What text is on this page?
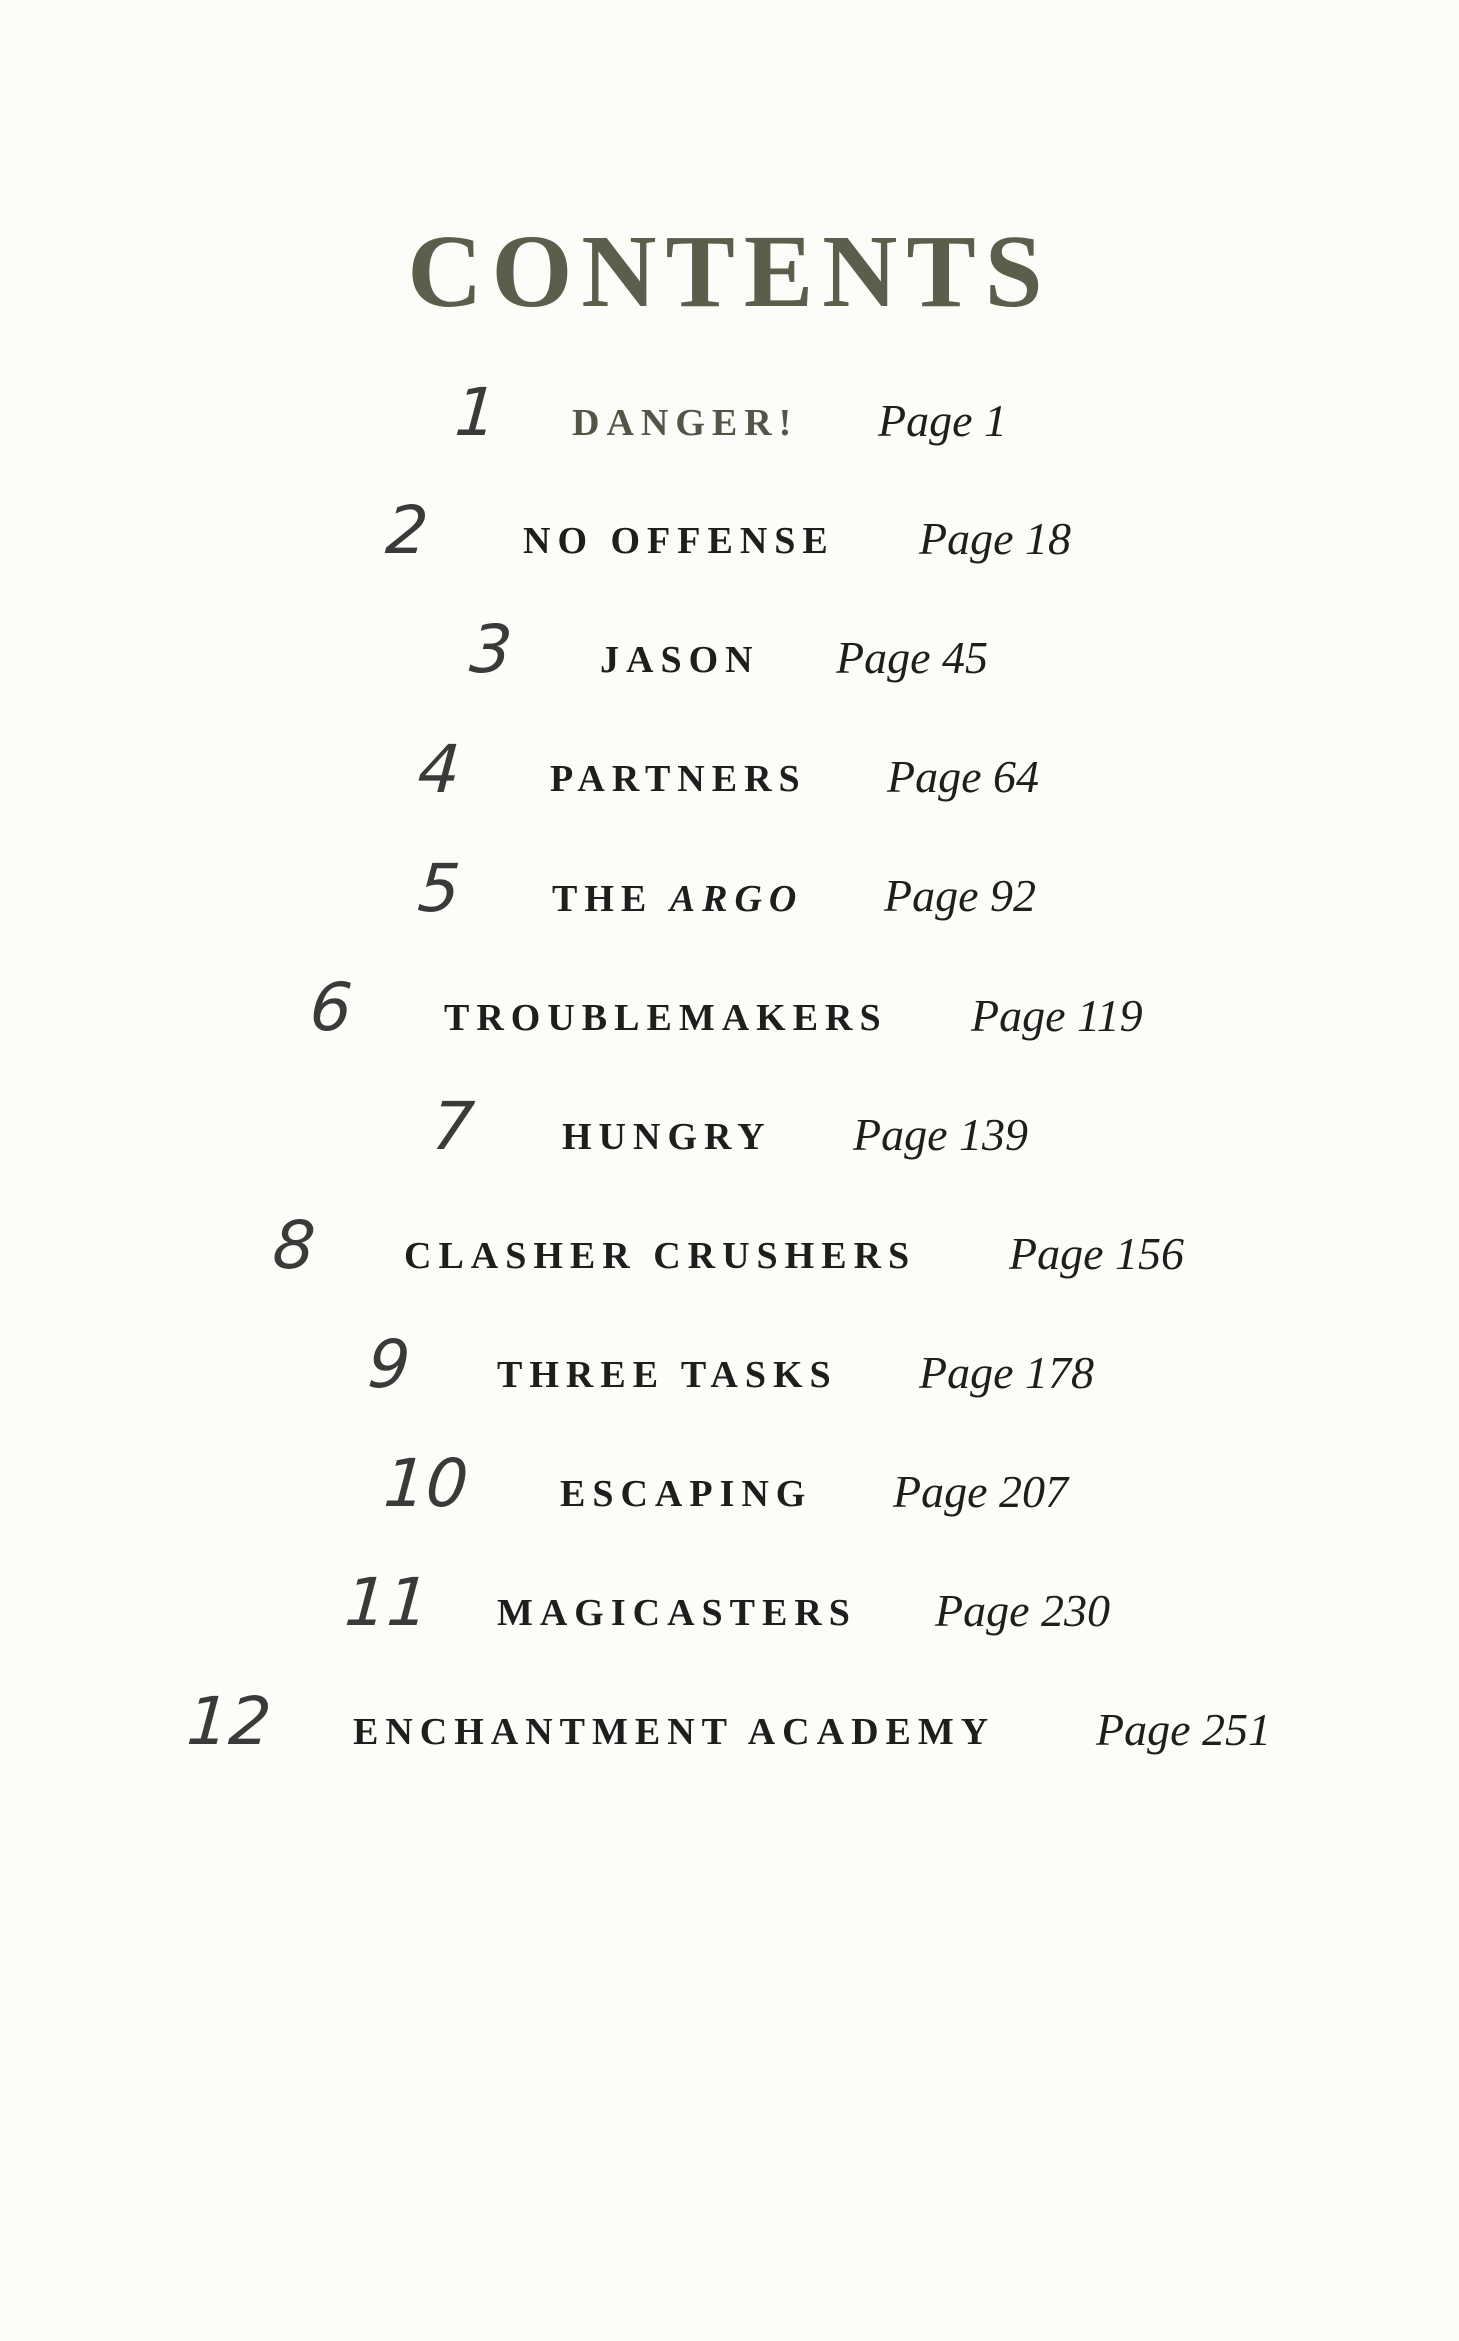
CONTENTS
1 DANGER! Page 1
2 NO OFFENSE Page 18
3 JASON Page 45
4 PARTNERS Page 64
5 THE ARGO Page 92
6 TROUBLEMAKERS Page 119
7 HUNGRY Page 139
8 CLASHER CRUSHERS Page 156
9 THREE TASKS Page 178
10 ESCAPING Page 207
11 MAGICASTERS Page 230
12 ENCHANTMENT ACADEMY Page 251
